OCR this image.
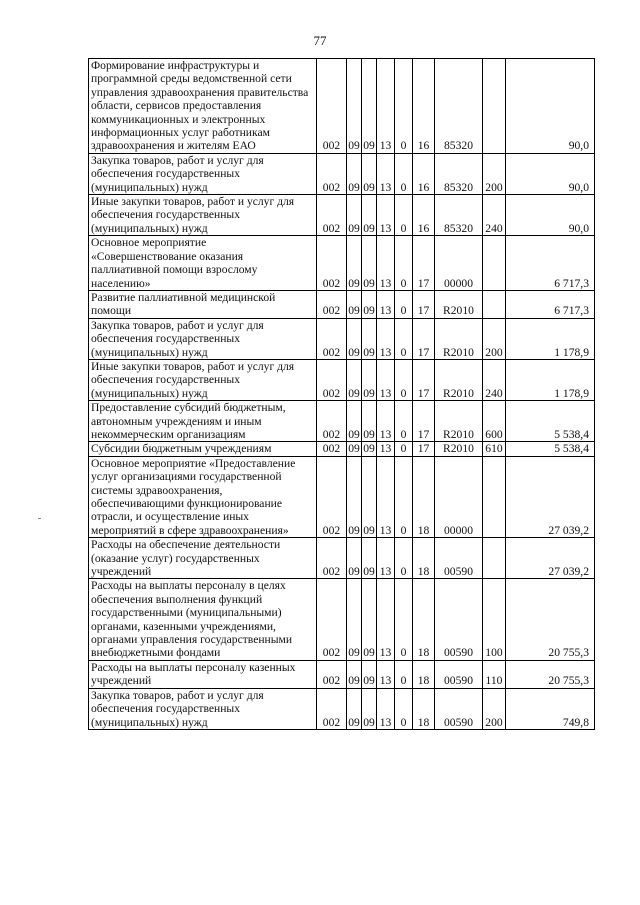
77
Формирование инфраструктуры и программной среды ведомственной сети управления здравоохранения правительства области, сервисов предоставления коммуникационных и электронных информационных услуг работникам здравоохранения и жителям ЕАО	002	09	09	13	0	16	85320		90,0
Закупка товаров, работ и услуг для обеспечения государственных (муниципальных) нужд	002	09	09	13	0	16	85320	200	90,0
Иные закупки товаров, работ и услуг для обеспечения государственных (муниципальных) нужд	002	09	09	13	0	16	85320	240	90,0
Основное мероприятие «Совершенствование оказания паллиативной помощи взрослому населению»	002	09	09	13	0	17	00000		6 717,3
Развитие паллиативной медицинской помощи	002	09	09	13	0	17	R2010		6 717,3
Закупка товаров, работ и услуг для обеспечения государственных (муниципальных) нужд	002	09	09	13	0	17	R2010	200	1 178,9
Иные закупки товаров, работ и услуг для обеспечения государственных (муниципальных) нужд	002	09	09	13	0	17	R2010	240	1 178,9
Предоставление субсидий бюджетным, автономным учреждениям и иным некоммерческим организациям	002	09	09	13	0	17	R2010	600	5 538,4
Субсидии бюджетным учреждениям	002	09	09	13	0	17	R2010	610	5 538,4
Основное мероприятие «Предоставление услуг организациями государственной системы здравоохранения, обеспечивающими функционирование отрасли, и осуществление иных мероприятий в сфере здравоохранения»	002	09	09	13	0	18	00000		27 039,2
Расходы на обеспечение деятельности (оказание услуг) государственных учреждений	002	09	09	13	0	18	00590		27 039,2
Расходы на выплаты персоналу в целях обеспечения выполнения функций государственными (муниципальными) органами, казенными учреждениями, органами управления государственными внебюджетными фондами	002	09	09	13	0	18	00590	100	20 755,3
Расходы на выплаты персоналу казенных учреждений	002	09	09	13	0	18	00590	110	20 755,3
Закупка товаров, работ и услуг для обеспечения государственных (муниципальных) нужд	002	09	09	13	0	18	00590	200	749,8
